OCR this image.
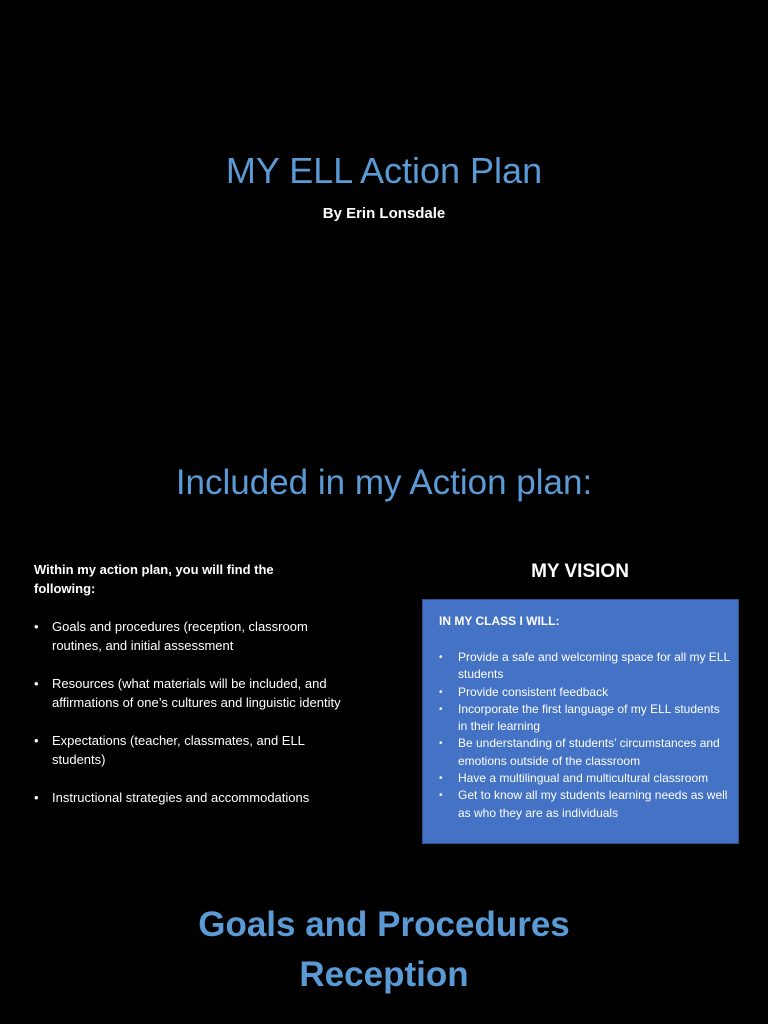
MY ELL Action Plan
By Erin Lonsdale
Included in my Action plan:
Within my action plan, you will find the following:
• Goals and procedures (reception, classroom routines, and initial assessment
• Resources (what materials will be included, and affirmations of one’s cultures and linguistic identity
• Expectations (teacher, classmates, and ELL students)
• Instructional strategies and accommodations
MY VISION
IN MY CLASS I WILL:
• Provide a safe and welcoming space for all my ELL students
• Provide consistent feedback
• Incorporate the first language of my ELL students in their learning
• Be understanding of students’ circumstances and emotions outside of the classroom
• Have a multilingual and multicultural classroom
• Get to know all my students learning needs as well as who they are as individuals
Goals and Procedures
Reception
